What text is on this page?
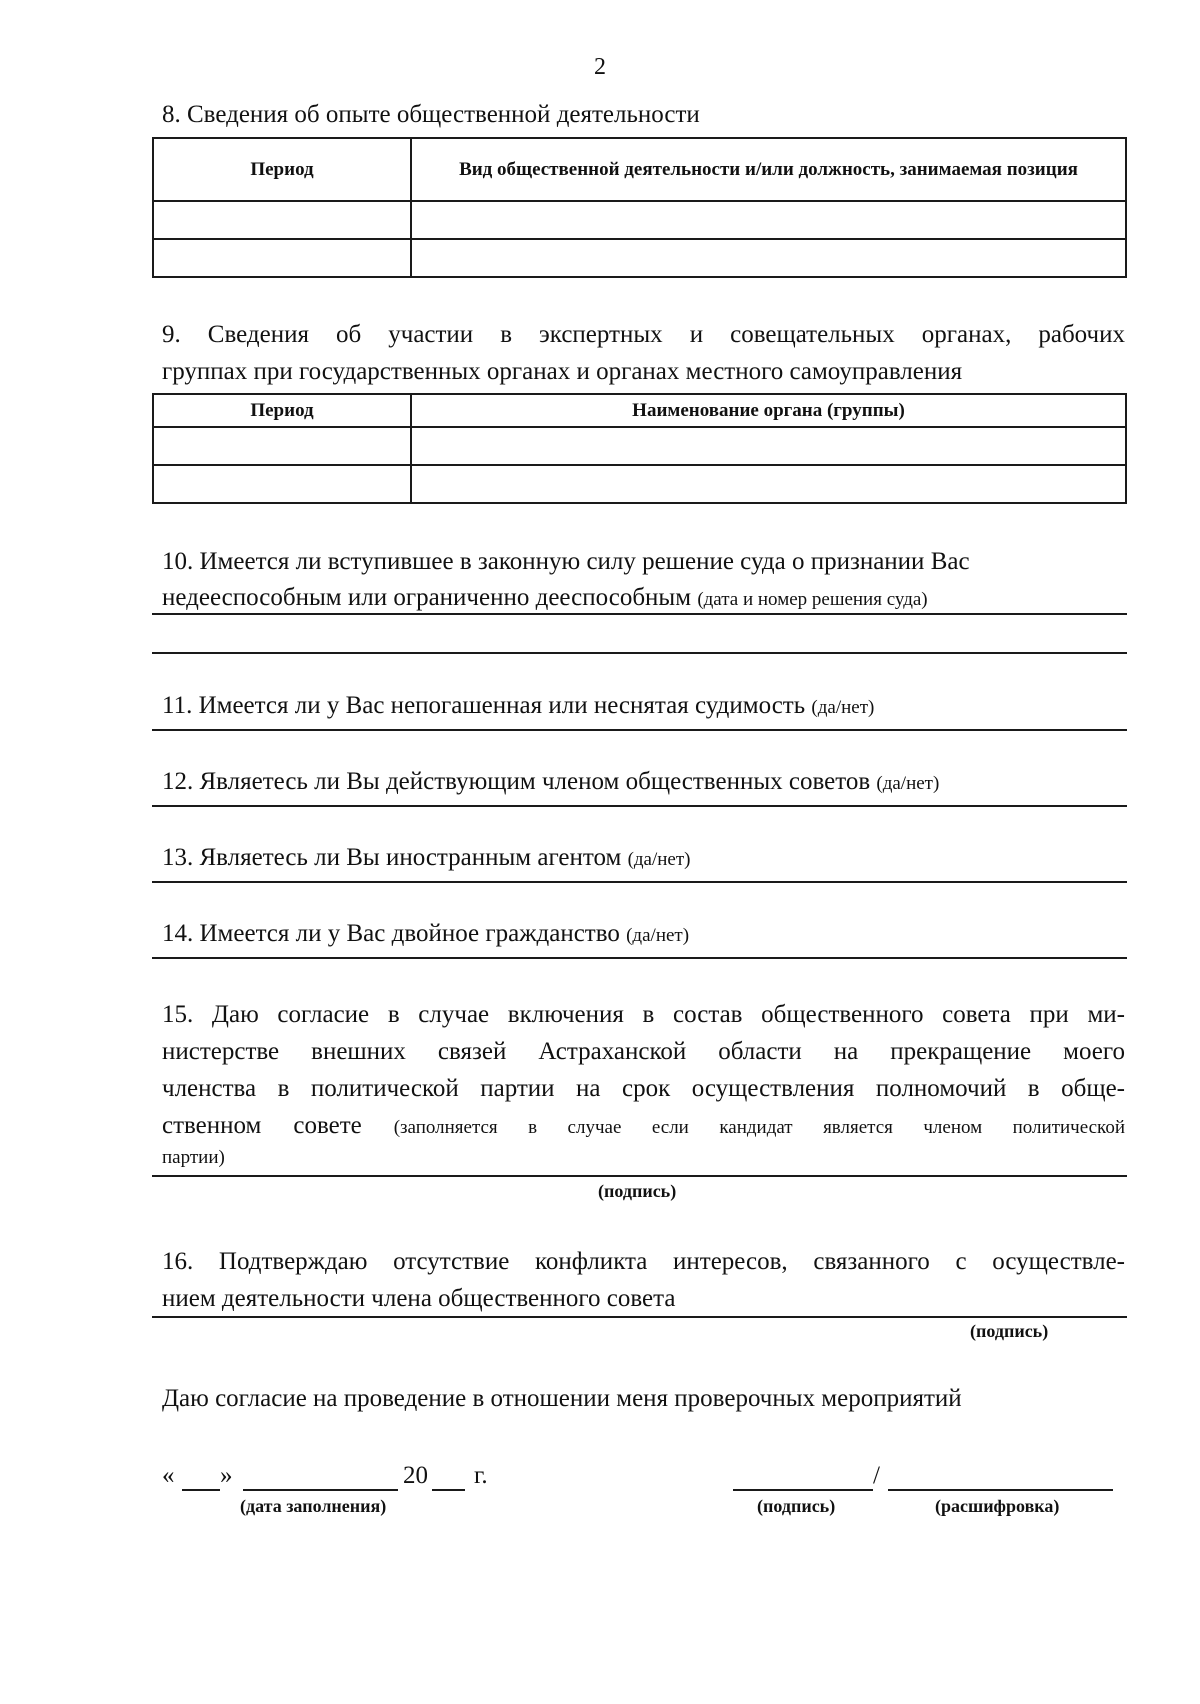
2
8. Сведения об опыте общественной деятельности
Период	Вид общественной деятельности и/или должность, занимаемая позиция

9. Сведения об участии в экспертных и совещательных органах, рабочих
группах при государственных органах и органах местного самоуправления
Период	Наименование органа (группы)

10. Имеется ли вступившее в законную силу решение суда о признании Вас
недееспособным или ограниченно дееспособным (дата и номер решения суда)
11. Имеется ли у Вас непогашенная или неснятая судимость (да/нет)
12. Являетесь ли Вы действующим членом общественных советов (да/нет)
13. Являетесь ли Вы иностранным агентом (да/нет)
14. Имеется ли у Вас двойное гражданство (да/нет)
15. Даю согласие в случае включения в состав общественного совета при ми-
нистерстве внешних связей Астраханской области на прекращение моего
членства в политической партии на срок осуществления полномочий в обще-
ственном совете (заполняется в случае если кандидат является членом политической
партии)
(подпись)
16. Подтверждаю отсутствие конфликта интересов, связанного с осуществле-
нием деятельности члена общественного совета
(подпись)
Даю согласие на проведение в отношении меня проверочных мероприятий
« »	20 г.
(дата заполнения)
/
(подпись)	(расшифровка)
